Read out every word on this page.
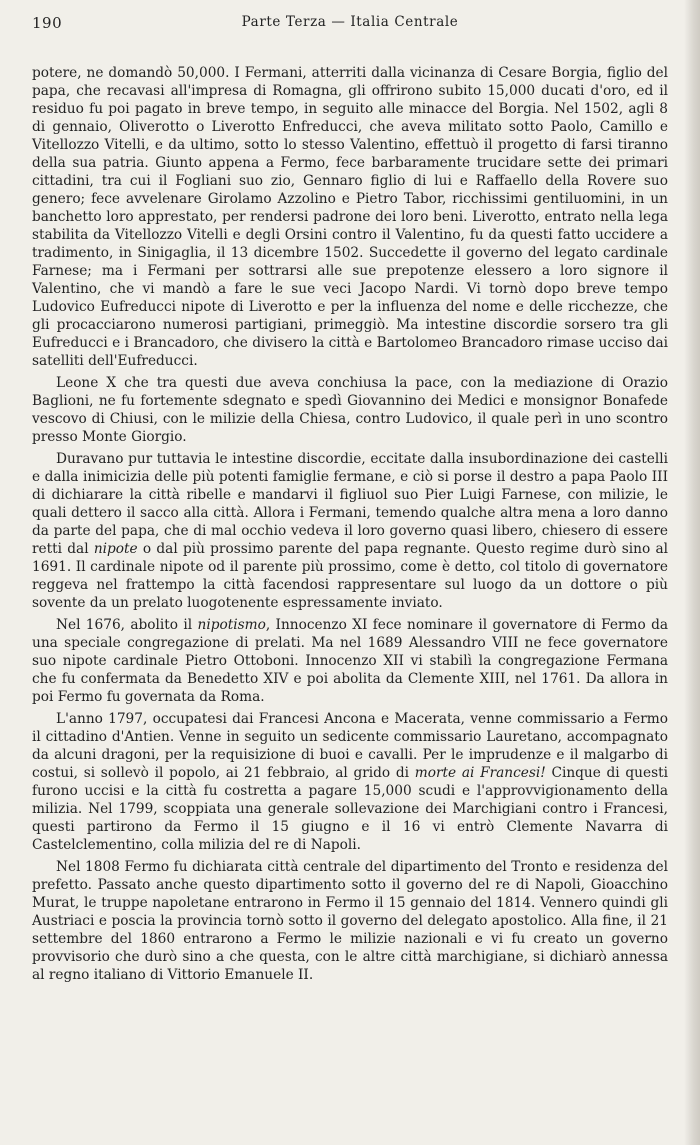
190	Parte Terza — Italia Centrale

potere, ne domandò 50,000. I Fermani, atterriti dalla vicinanza di Cesare Borgia, figlio del papa, che recavasi all'impresa di Romagna, gli offrirono subito 15,000 ducati d'oro, ed il residuo fu poi pagato in breve tempo, in seguito alle minacce del Borgia. Nel 1502, agli 8 di gennaio, Oliverotto o Liverotto Enfreducci, che aveva militato sotto Paolo, Camillo e Vitellozzo Vitelli, e da ultimo, sotto lo stesso Valentino, effettuò il progetto di farsi tiranno della sua patria. Giunto appena a Fermo, fece barbaramente trucidare sette dei primari cittadini, tra cui il Fogliani suo zio, Gennaro figlio di lui e Raffaello della Rovere suo genero; fece avvelenare Girolamo Azzolino e Pietro Tabor, ricchissimi gentiluomini, in un banchetto loro apprestato, per rendersi padrone dei loro beni. Liverotto, entrato nella lega stabilita da Vitellozzo Vitelli e degli Orsini contro il Valentino, fu da questi fatto uccidere a tradimento, in Sinigaglia, il 13 dicembre 1502. Succedette il governo del legato cardinale Farnese; ma i Fermani per sottrarsi alle sue prepotenze elessero a loro signore il Valentino, che vi mandò a fare le sue veci Jacopo Nardi. Vi tornò dopo breve tempo Ludovico Eufreducci nipote di Liverotto e per la influenza del nome e delle ricchezze, che gli procacciarono numerosi partigiani, primeggiò. Ma intestine discordie sorsero tra gli Eufreducci e i Brancadoro, che divisero la città e Bartolomeo Brancadoro rimase ucciso dai satelliti dell'Eufreducci.

Leone X che tra questi due aveva conchiusa la pace, con la mediazione di Orazio Baglioni, ne fu fortemente sdegnato e spedì Giovannino dei Medici e monsignor Bonafede vescovo di Chiusi, con le milizie della Chiesa, contro Ludovico, il quale perì in uno scontro presso Monte Giorgio.

Duravano pur tuttavia le intestine discordie, eccitate dalla insubordinazione dei castelli e dalla inimicizia delle più potenti famiglie fermane, e ciò si porse il destro a papa Paolo III di dichiarare la città ribelle e mandarvi il figliuol suo Pier Luigi Farnese, con milizie, le quali dettero il sacco alla città. Allora i Fermani, temendo qualche altra mena a loro danno da parte del papa, che di mal occhio vedeva il loro governo quasi libero, chiesero di essere retti dal nipote o dal più prossimo parente del papa regnante. Questo regime durò sino al 1691. Il cardinale nipote od il parente più prossimo, come è detto, col titolo di governatore reggeva nel frattempo la città facendosi rappresentare sul luogo da un dottore o più sovente da un prelato luogotenente espressamente inviato.

Nel 1676, abolito il nipotismo, Innocenzo XI fece nominare il governatore di Fermo da una speciale congregazione di prelati. Ma nel 1689 Alessandro VIII ne fece governatore suo nipote cardinale Pietro Ottoboni. Innocenzo XII vi stabilì la congregazione Fermana che fu confermata da Benedetto XIV e poi abolita da Clemente XIII, nel 1761. Da allora in poi Fermo fu governata da Roma.

L'anno 1797, occupatesi dai Francesi Ancona e Macerata, venne commissario a Fermo il cittadino d'Antien. Venne in seguito un sedicente commissario Lauretano, accompagnato da alcuni dragoni, per la requisizione di buoi e cavalli. Per le imprudenze e il malgarbo di costui, si sollevò il popolo, ai 21 febbraio, al grido di morte ai Francesi! Cinque di questi furono uccisi e la città fu costretta a pagare 15,000 scudi e l'approvvigionamento della milizia. Nel 1799, scoppiata una generale sollevazione dei Marchigiani contro i Francesi, questi partirono da Fermo il 15 giugno e il 16 vi entrò Clemente Navarra di Castelclementino, colla milizia del re di Napoli.

Nel 1808 Fermo fu dichiarata città centrale del dipartimento del Tronto e residenza del prefetto. Passato anche questo dipartimento sotto il governo del re di Napoli, Gioacchino Murat, le truppe napoletane entrarono in Fermo il 15 gennaio del 1814. Vennero quindi gli Austriaci e poscia la provincia tornò sotto il governo del delegato apostolico. Alla fine, il 21 settembre del 1860 entrarono a Fermo le milizie nazionali e vi fu creato un governo provvisorio che durò sino a che questa, con le altre città marchigiane, si dichiarò annessa al regno italiano di Vittorio Emanuele II.
